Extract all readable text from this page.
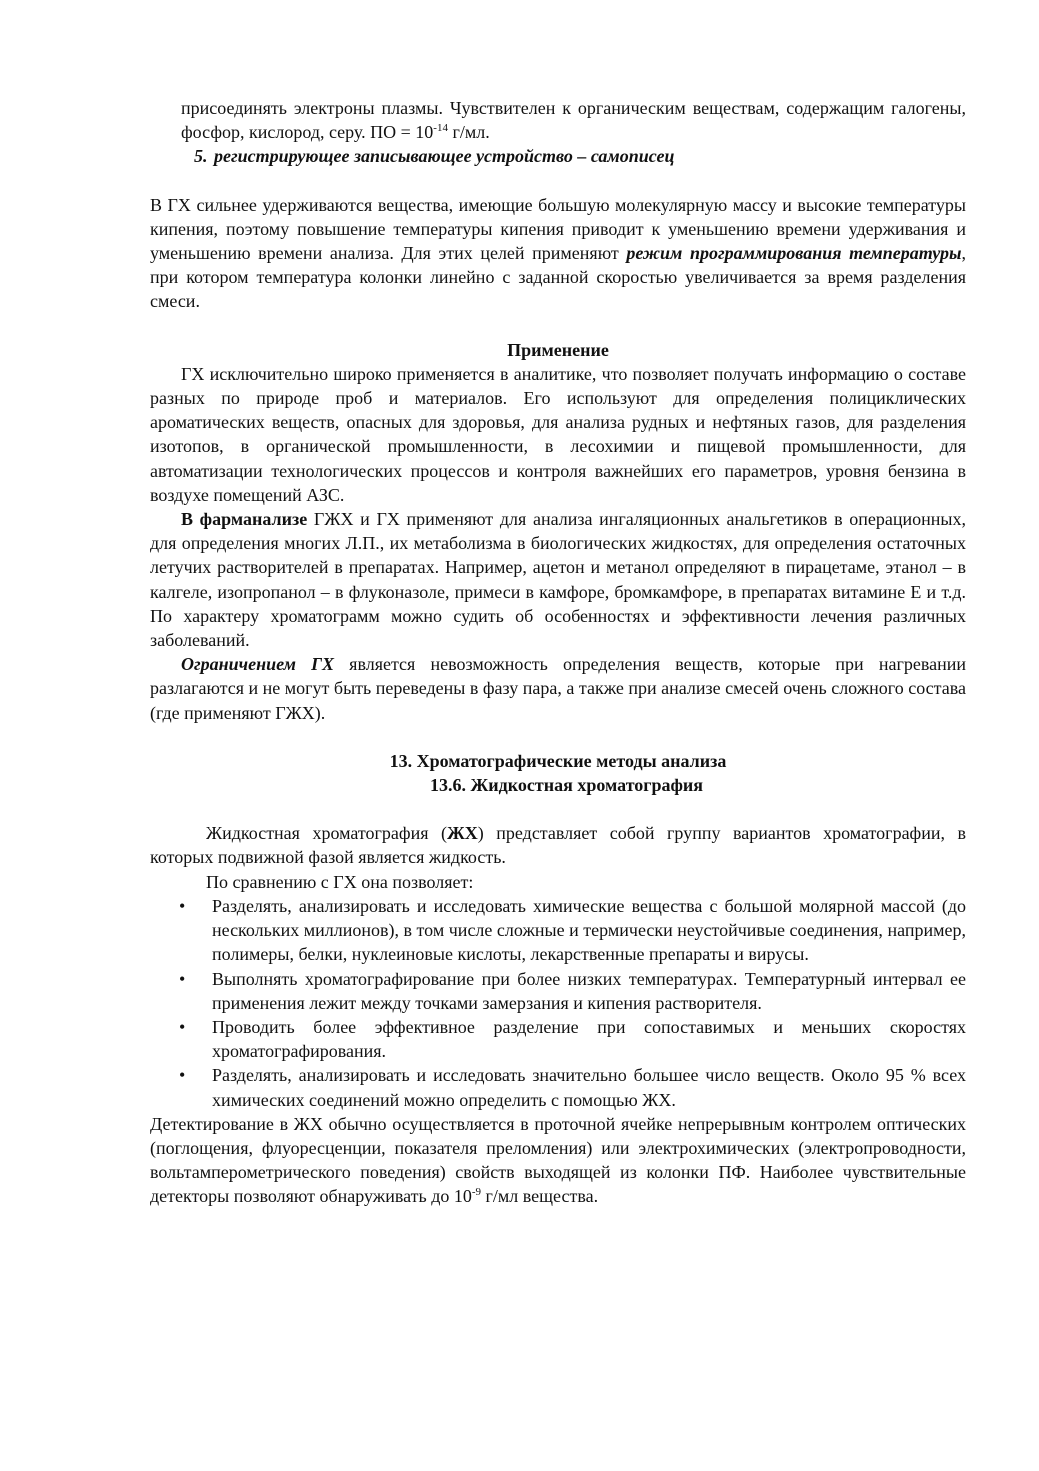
присоединять электроны плазмы. Чувствителен к органическим веществам, содержащим галогены, фосфор, кислород, серу. ПО = $10^{-14}$ г/мл.

5. регистрирующее записывающее устройство – самописец

В ГХ сильнее удерживаются вещества, имеющие большую молекулярную массу и высокие температуры кипения, поэтому повышение температуры кипения приводит к уменьшению времени удерживания и уменьшению времени анализа. Для этих целей применяют режим программирования температуры, при котором температура колонки линейно с заданной скоростью увеличивается за время разделения смеси.

Применение

ГХ исключительно широко применяется в аналитике, что позволяет получать информацию о составе разных по природе проб и материалов. Его используют для определения полициклических ароматических веществ, опасных для здоровья, для анализа рудных и нефтяных газов, для разделения изотопов, в органической промышленности, в лесохимии и пищевой промышленности, для автоматизации технологических процессов и контроля важнейших его параметров, уровня бензина в воздухе помещений АЗС.

В фарманализе ГЖХ и ГХ применяют для анализа ингаляционных анальгетиков в операционных, для определения многих Л.П., их метаболизма в биологических жидкостях, для определения остаточных летучих растворителей в препаратах. Например, ацетон и метанол определяют в пирацетаме, этанол – в калгеле, изопропанол – в флуконазоле, примеси в камфоре, бромкамфоре, в препаратах витамине Е и т.д. По характеру хроматограмм можно судить об особенностях и эффективности лечения различных заболеваний.

Ограничением ГХ является невозможность определения веществ, которые при нагревании разлагаются и не могут быть переведены в фазу пара, а также при анализе смесей очень сложного состава (где применяют ГЖХ).

13. Хроматографические методы анализа

13.6. Жидкостная хроматография

Жидкостная хроматография (ЖХ) представляет собой группу вариантов хроматографии, в которых подвижной фазой является жидкость.

По сравнению с ГХ она позволяет:

• Разделять, анализировать и исследовать химические вещества с большой молярной массой (до нескольких миллионов), в том числе сложные и термически неустойчивые соединения, например, полимеры, белки, нуклеиновые кислоты, лекарственные препараты и вирусы.
• Выполнять хроматографирование при более низких температурах. Температурный интервал ее применения лежит между точками замерзания и кипения растворителя.
• Проводить более эффективное разделение при сопоставимых и меньших скоростях хроматографирования.
• Разделять, анализировать и исследовать значительно большее число веществ. Около 95 % всех химических соединений можно определить с помощью ЖХ.

Детектирование в ЖХ обычно осуществляется в проточной ячейке непрерывным контролем оптических (поглощения, флуоресценции, показателя преломления) или электрохимических (электропроводности, вольтамперометрического поведения) свойств выходящей из колонки ПФ. Наиболее чувствительные детекторы позволяют обнаруживать до $10^{-9}$ г/мл вещества.
